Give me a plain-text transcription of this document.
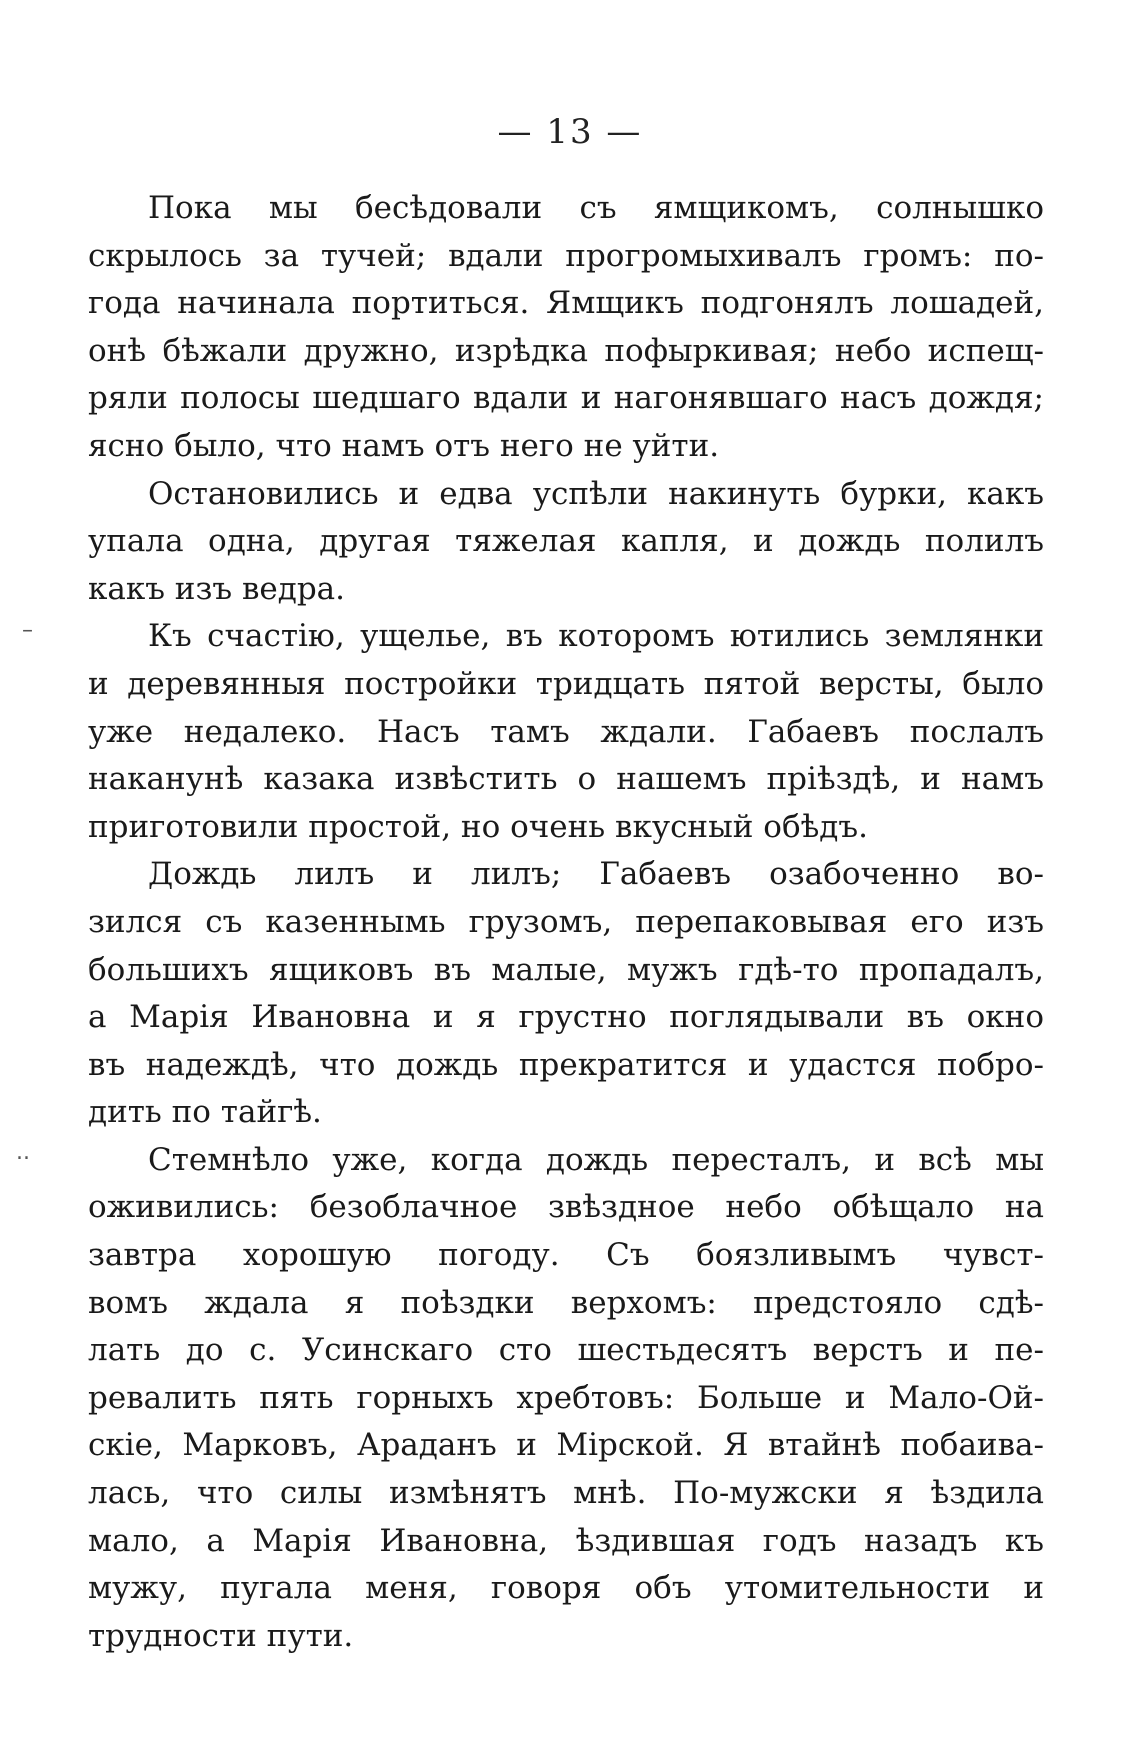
— 13 —
Пока мы бесѣдовали съ ямщикомъ, солнышко
скрылось за тучей; вдали прогромыхивалъ громъ: по-
года начинала портиться. Ямщикъ подгонялъ лошадей,
онѣ бѣжали дружно, изрѣдка пофыркивая; небо испещ-
ряли полосы шедшаго вдали и нагонявшаго насъ дождя;
ясно было, что намъ отъ него не уйти.
Остановились и едва успѣли накинуть бурки, какъ
упала одна, другая тяжелая капля, и дождь полилъ
какъ изъ ведра.
Къ счастію, ущелье, въ которомъ ютились землянки
и деревянныя постройки тридцать пятой версты, было
уже недалеко. Насъ тамъ ждали. Габаевъ послалъ
наканунѣ казака извѣстить о нашемъ пріѣздѣ, и намъ
приготовили простой, но очень вкусный обѣдъ.
Дождь лилъ и лилъ; Габаевъ озабоченно во-
зился съ казеннымь грузомъ, перепаковывая его изъ
большихъ ящиковъ въ малые, мужъ гдѣ-то пропадалъ,
а Марія Ивановна и я грустно поглядывали въ окно
въ надеждѣ, что дождь прекратится и удастся побро-
дить по тайгѣ.
Стемнѣло уже, когда дождь пересталъ, и всѣ мы
оживились: безоблачное звѣздное небо обѣщало на
завтра хорошую погоду. Съ боязливымъ чувст-
вомъ ждала я поѣздки верхомъ: предстояло сдѣ-
лать до с. Усинскаго сто шестьдесятъ верстъ и пе-
ревалить пять горныхъ хребтовъ: Больше и Мало-Ой-
скіе, Марковъ, Араданъ и Мірской. Я втайнѣ побаива-
лась, что силы измѣнятъ мнѣ. По-мужски я ѣздила
мало, а Марія Ивановна, ѣздившая годъ назадъ къ
мужу, пугала меня, говоря объ утомительности и
трудности пути.
–
..
